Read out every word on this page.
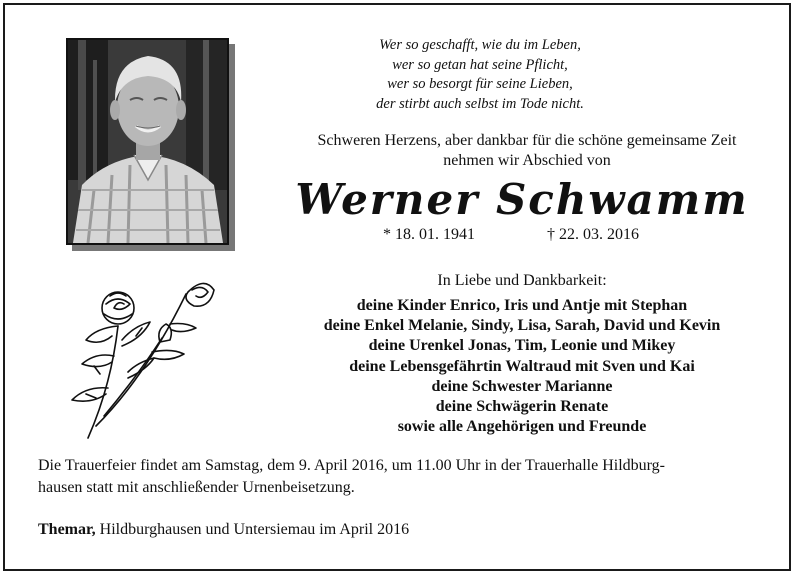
Wer so geschafft, wie du im Leben,
wer so getan hat seine Pflicht,
wer so besorgt für seine Lieben,
der stirbt auch selbst im Tode nicht.
Schweren Herzens, aber dankbar für die schöne gemeinsame Zeit
nehmen wir Abschied von
Werner Schwamm
* 18. 01. 1941	† 22. 03. 2016
In Liebe und Dankbarkeit:
deine Kinder Enrico, Iris und Antje mit Stephan
deine Enkel Melanie, Sindy, Lisa, Sarah, David und Kevin
deine Urenkel Jonas, Tim, Leonie und Mikey
deine Lebensgefährtin Waltraud mit Sven und Kai
deine Schwester Marianne
deine Schwägerin Renate
sowie alle Angehörigen und Freunde
Die Trauerfeier findet am Samstag, dem 9. April 2016, um 11.00 Uhr in der Trauerhalle Hildburg-
hausen statt mit anschließender Urnenbeisetzung.
Themar, Hildburghausen und Untersiemau im April 2016
